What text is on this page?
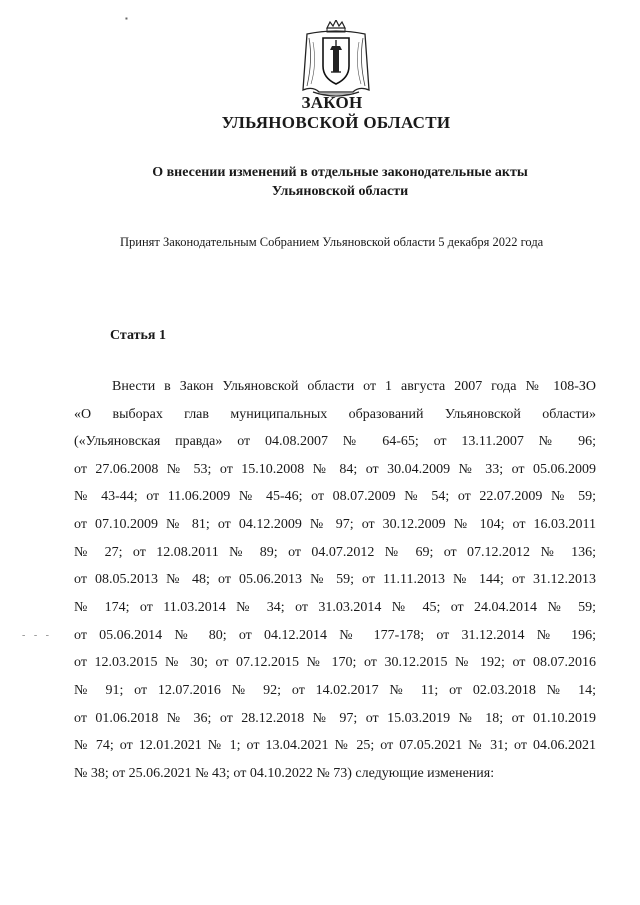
▪
ЗАКОН
УЛЬЯНОВСКОЙ ОБЛАСТИ
О внесении изменений в отдельные законодательные акты
Ульяновской области
Принят Законодательным Собранием Ульяновской области 5 декабря 2022 года
Статья 1
Внести в Закон Ульяновской области от 1 августа 2007 года № 108-ЗО
«О выборах глав муниципальных образований Ульяновской области»
(«Ульяновская правда» от 04.08.2007 № 64-65; от 13.11.2007 № 96;
от 27.06.2008 № 53; от 15.10.2008 № 84; от 30.04.2009 № 33; от 05.06.2009
№ 43-44; от 11.06.2009 № 45-46; от 08.07.2009 № 54; от 22.07.2009 № 59;
от 07.10.2009 № 81; от 04.12.2009 № 97; от 30.12.2009 № 104; от 16.03.2011
№ 27; от 12.08.2011 № 89; от 04.07.2012 № 69; от 07.12.2012 № 136;
от 08.05.2013 № 48; от 05.06.2013 № 59; от 11.11.2013 № 144; от 31.12.2013
№ 174; от 11.03.2014 № 34; от 31.03.2014 № 45; от 24.04.2014 № 59;
от 05.06.2014 № 80; от 04.12.2014 № 177-178; от 31.12.2014 № 196;
от 12.03.2015 № 30; от 07.12.2015 № 170; от 30.12.2015 № 192; от 08.07.2016
№ 91; от 12.07.2016 № 92; от 14.02.2017 № 11; от 02.03.2018 № 14;
от 01.06.2018 № 36; от 28.12.2018 № 97; от 15.03.2019 № 18; от 01.10.2019
№ 74; от 12.01.2021 № 1; от 13.04.2021 № 25; от 07.05.2021 № 31; от 04.06.2021
№ 38; от 25.06.2021 № 43; от 04.10.2022 № 73) следующие изменения:
- - -
